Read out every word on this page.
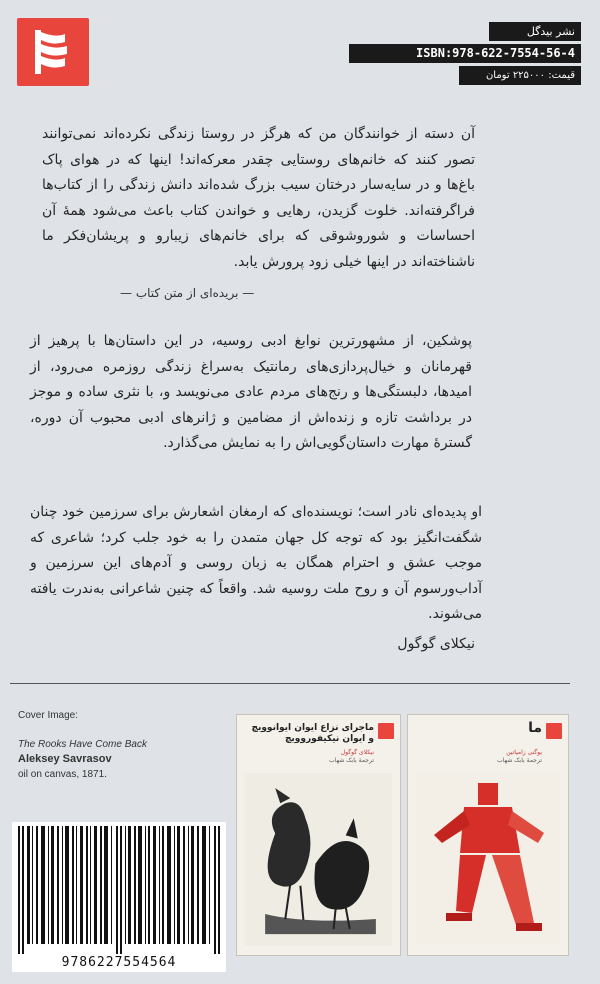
نشر بیدگل
ISBN:978-622-7554-56-4
قیمت: ۲۲۵۰۰۰ تومان
آن دسته از خوانندگان من که هرگز در روستا زندگی نکرده‌اند نمی‌توانند تصور کنند که خانم‌های روستایی چقدر معرکه‌اند! اینها که در هوای پاک باغ‌ها و در سایه‌سار درختان سیب بزرگ شده‌اند دانش زندگی را از کتاب‌ها فراگرفته‌اند. خلوت گزیدن، رهایی و خواندن کتاب باعث می‌شود همهٔ آن احساسات و شوروشوقی که برای خانم‌های زیبارو و پریشان‌فکر ما ناشناخته‌اند در اینها خیلی زود پرورش یابد.
— بریده‌ای از متن کتاب —
پوشکین، از مشهورترین نوابغ ادبی روسیه، در این داستان‌ها با پرهیز از قهرمانان و خیال‌پردازی‌های رمانتیک به‌سراغ زندگی روزمره می‌رود، از امیدها، دلبستگی‌ها و رنج‌های مردم عادی می‌نویسد و، با نثری ساده و موجز در برداشت تازه و زنده‌اش از مضامین و ژانرهای ادبی محبوب آن دوره، گسترهٔ مهارت داستان‌گویی‌اش را به نمایش می‌گذارد.
او پدیده‌ای نادر است؛ نویسنده‌ای که ارمغان اشعارش برای سرزمین خود چنان شگفت‌انگیز بود که توجه کل جهان متمدن را به خود جلب کرد؛ شاعری که موجب عشق و احترام همگان به زبان روسی و آدم‌های این سرزمین و آداب‌ورسوم آن و روح ملت روسیه شد. واقعاً که چنین شاعرانی به‌ندرت یافته می‌شوند.
نیکلای گوگول
Cover Image:
The Rooks Have Come Back
Aleksey Savrasov
oil on canvas, 1871.
ماجرای نزاع ایوان ایوانوویچ و ایوان نیکیفوروویچ
نیکلای گوگول
ترجمهٔ بابک شهاب
ما
یوگنی زامیاتین
ترجمهٔ بابک شهاب
9786227554564
